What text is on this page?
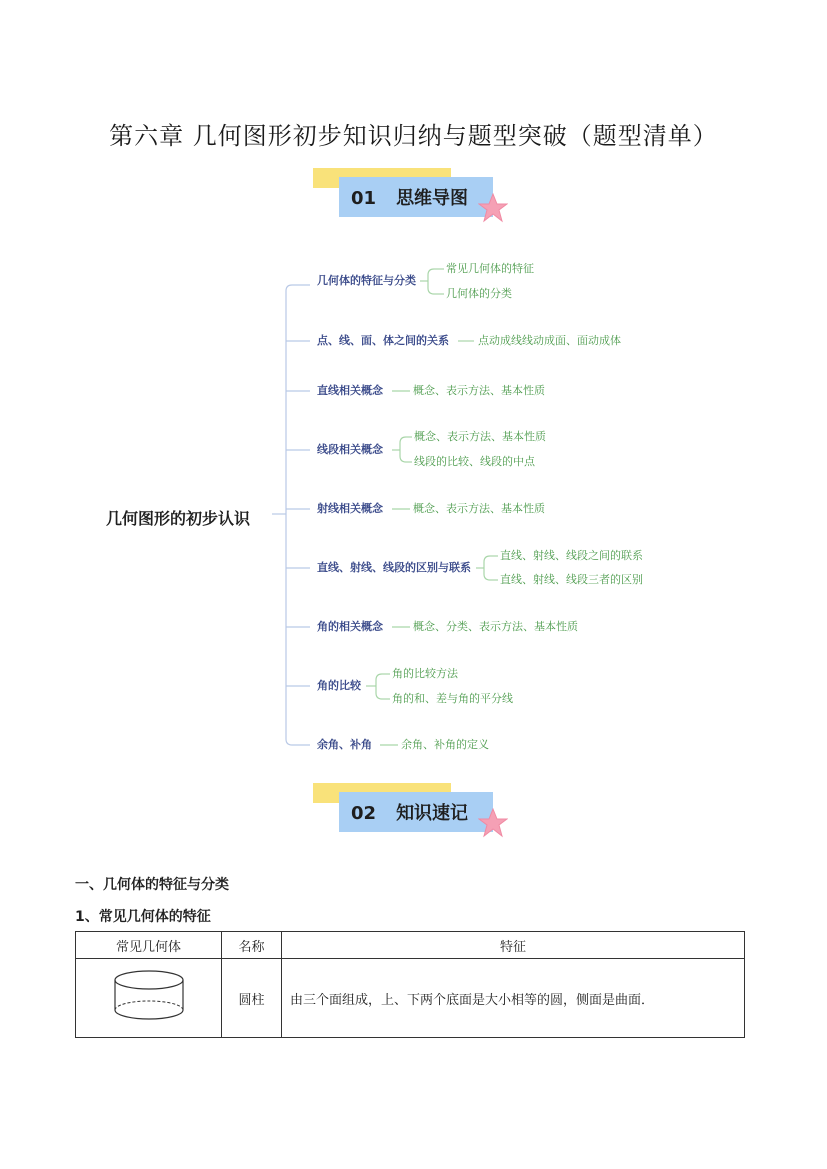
第六章 几何图形初步知识归纳与题型突破（题型清单）
01 思维导图
几何图形的初步认识
几何体的特征与分类
常见几何体的特征
几何体的分类
点、线、面、体之间的关系	点动成线线动成面、面动成体
直线相关概念	概念、表示方法、基本性质
线段相关概念
概念、表示方法、基本性质
线段的比较、线段的中点
射线相关概念	概念、表示方法、基本性质
直线、射线、线段的区别与联系
直线、射线、线段之间的联系
直线、射线、线段三者的区别
角的相关概念	概念、分类、表示方法、基本性质
角的比较
角的比较方法
角的和、差与角的平分线
余角、补角	余角、补角的定义
02 知识速记
一、几何体的特征与分类
1、常见几何体的特征
常见几何体	名称	特征
	圆柱	由三个面组成，上、下两个底面是大小相等的圆，侧面是曲面．
